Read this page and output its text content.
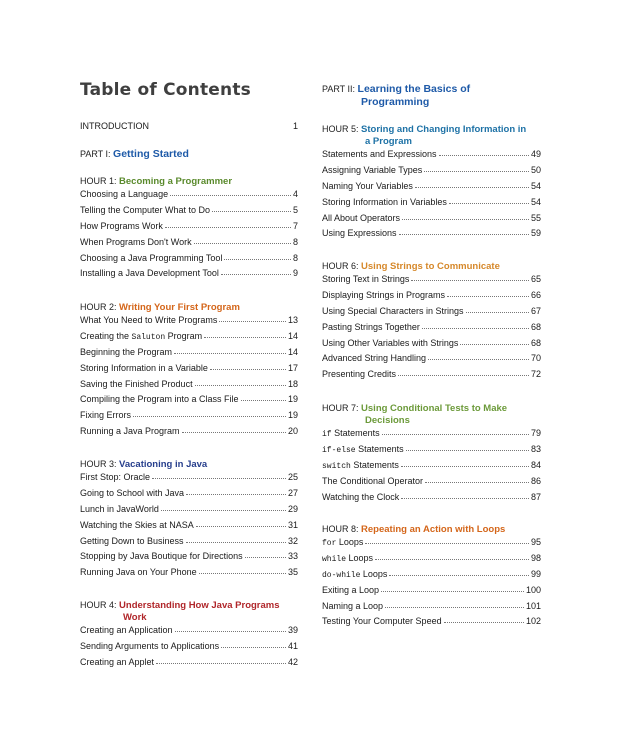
Table of Contents
INTRODUCTION	1
PART I: Getting Started
HOUR 1: Becoming a Programmer
Choosing a Language	4
Telling the Computer What to Do	5
How Programs Work	7
When Programs Don't Work	8
Choosing a Java Programming Tool	8
Installing a Java Development Tool	9
HOUR 2: Writing Your First Program
What You Need to Write Programs	13
Creating the Saluton Program	14
Beginning the Program	14
Storing Information in a Variable	17
Saving the Finished Product	18
Compiling the Program into a Class File	19
Fixing Errors	19
Running a Java Program	20
HOUR 3: Vacationing in Java
First Stop: Oracle	25
Going to School with Java	27
Lunch in JavaWorld	29
Watching the Skies at NASA	31
Getting Down to Business	32
Stopping by Java Boutique for Directions	33
Running Java on Your Phone	35
HOUR 4: Understanding How Java Programs
Work
Creating an Application	39
Sending Arguments to Applications	41
Creating an Applet	42
PART II: Learning the Basics of
Programming
HOUR 5: Storing and Changing Information in
a Program
Statements and Expressions	49
Assigning Variable Types	50
Naming Your Variables	54
Storing Information in Variables	54
All About Operators	55
Using Expressions	59
HOUR 6: Using Strings to Communicate
Storing Text in Strings	65
Displaying Strings in Programs	66
Using Special Characters in Strings	67
Pasting Strings Together	68
Using Other Variables with Strings	68
Advanced String Handling	70
Presenting Credits	72
HOUR 7: Using Conditional Tests to Make
Decisions
if Statements	79
if-else Statements	83
switch Statements	84
The Conditional Operator	86
Watching the Clock	87
HOUR 8: Repeating an Action with Loops
for Loops	95
while Loops	98
do-while Loops	99
Exiting a Loop	100
Naming a Loop	101
Testing Your Computer Speed	102
